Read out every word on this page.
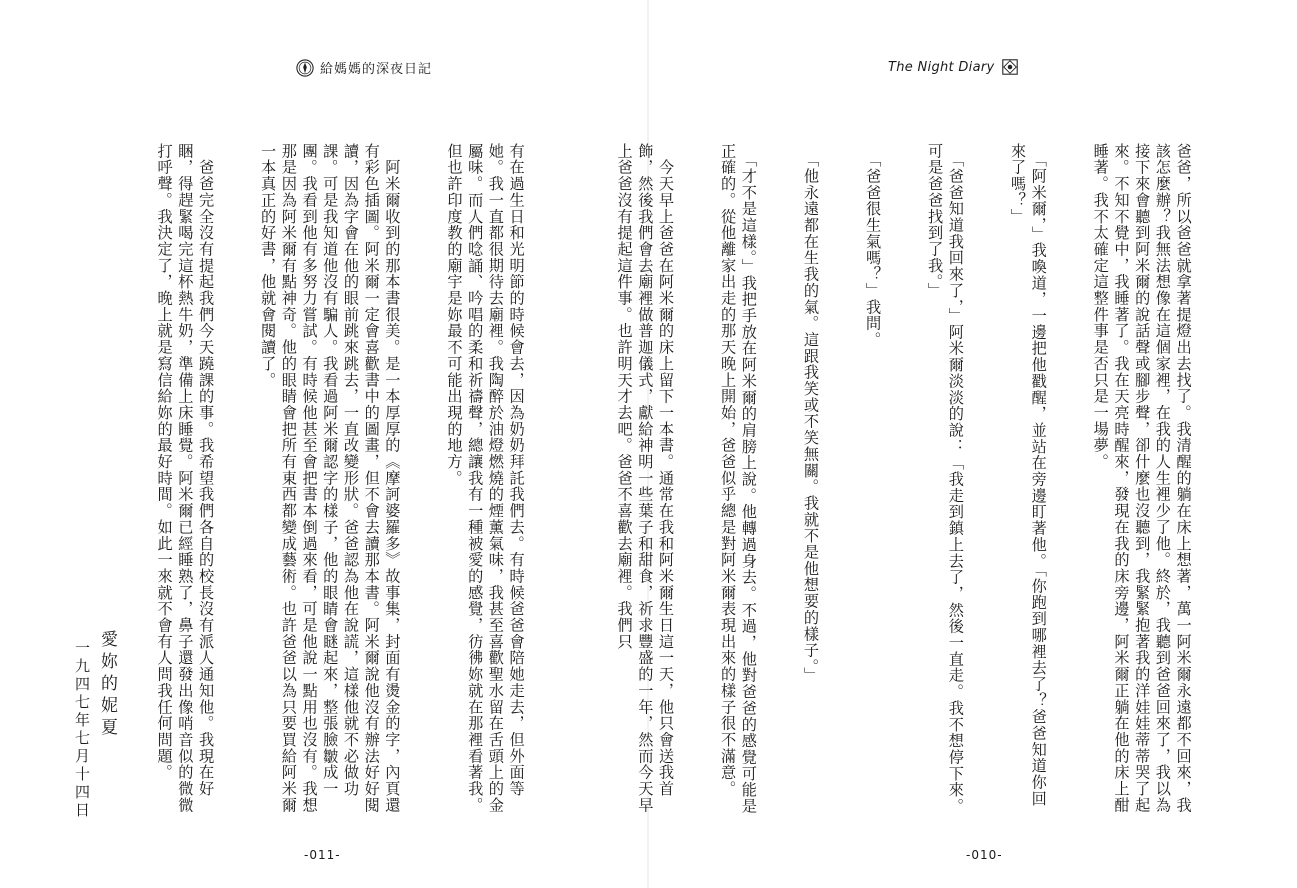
給媽媽的深夜日記	The Night Diary

有在過生日和光明節的時候會去，因為奶奶拜託我們去。有時候爸爸會陪她走去，但外面等她。我一直都很期待去廟裡。我陶醉於油燈燃燒的煙薰氣味，我甚至喜歡聖水留在舌頭上的金屬味。而人們唸誦、吟唱的柔和祈禱聲，總讓我有一種被愛的感覺，彷彿妳就在那裡看著我。但也許印度教的廟宇是妳最不可能出現的地方。

　阿米爾收到的那本書很美。是一本厚厚的《摩訶婆羅多》故事集，封面有燙金的字，內頁還有彩色插圖。阿米爾一定會喜歡書中的圖畫，但不會去讀那本書。阿米爾說他沒有辦法好好閱讀，因為字會在他的眼前跳來跳去，一直改變形狀。爸爸認為他在說謊，這樣他就不必做功課。可是我知道他沒有騙人。我看過阿米爾認字的樣子，他的眼睛會瞇起來，整張臉皺成一團。我看到他有多努力嘗試。有時候他甚至會把書本倒過來看，可是他說一點用也沒有。我想那是因為阿米爾有點神奇。他的眼睛會把所有東西都變成藝術。也許爸爸以為只要買給阿米爾一本真正的好書，他就會閱讀了。

　爸爸完全沒有提起我們今天蹺課的事。我希望我們各自的校長沒有派人通知他。我現在好睏，得趕緊喝完這杯熱牛奶，準備上床睡覺。阿米爾已經睡熟了，鼻子還發出像哨音似的微微打呼聲。我決定了，晚上就是寫信給妳的最好時間。如此一來就不會有人問我任何問題。

愛妳的妮夏
一九四七年七月十四日

	爸爸，所以爸爸就拿著提燈出去找了。我清醒的躺在床上想著，萬一阿米爾永遠都不回來，我該怎麼辦？我無法想像在這個家裡，在我的人生裡少了他。終於，我聽到爸爸回來了，我以為接下來會聽到阿米爾的說話聲或腳步聲，卻什麼也沒聽到，我緊緊抱著我的洋娃娃蒂蒂哭了起來。不知不覺中，我睡著了。我在天亮時醒來，發現在我的床旁邊，阿米爾正躺在他的床上酣睡著。我不太確定這整件事是否只是一場夢。

　「阿米爾，」我喚道，一邊把他戳醒，並站在旁邊盯著他。「你跑到哪裡去了？爸爸知道你回來了嗎？」

　「爸爸知道我回來了，」阿米爾淡淡的說：「我走到鎮上去了，然後一直走。我不想停下來。可是爸爸找到了我。」

　「爸爸很生氣嗎？」我問。

　「他永遠都在生我的氣。這跟我笑或不笑無關。我就不是他想要的樣子。」

　「才不是這樣。」我把手放在阿米爾的肩膀上說。他轉過身去。不過，他對爸爸的感覺可能是正確的。從他離家出走的那天晚上開始，爸爸似乎總是對阿米爾表現出來的樣子很不滿意。

　今天早上爸爸在阿米爾的床上留下一本書。通常在我和阿米爾生日這一天，他只會送我首飾，然後我們會去廟裡做普迦儀式，獻給神明一些葉子和甜食，祈求豐盛的一年，然而今天早上爸爸沒有提起這件事。也許明天才去吧。爸爸不喜歡去廟裡。我們只

-011-	-010-
